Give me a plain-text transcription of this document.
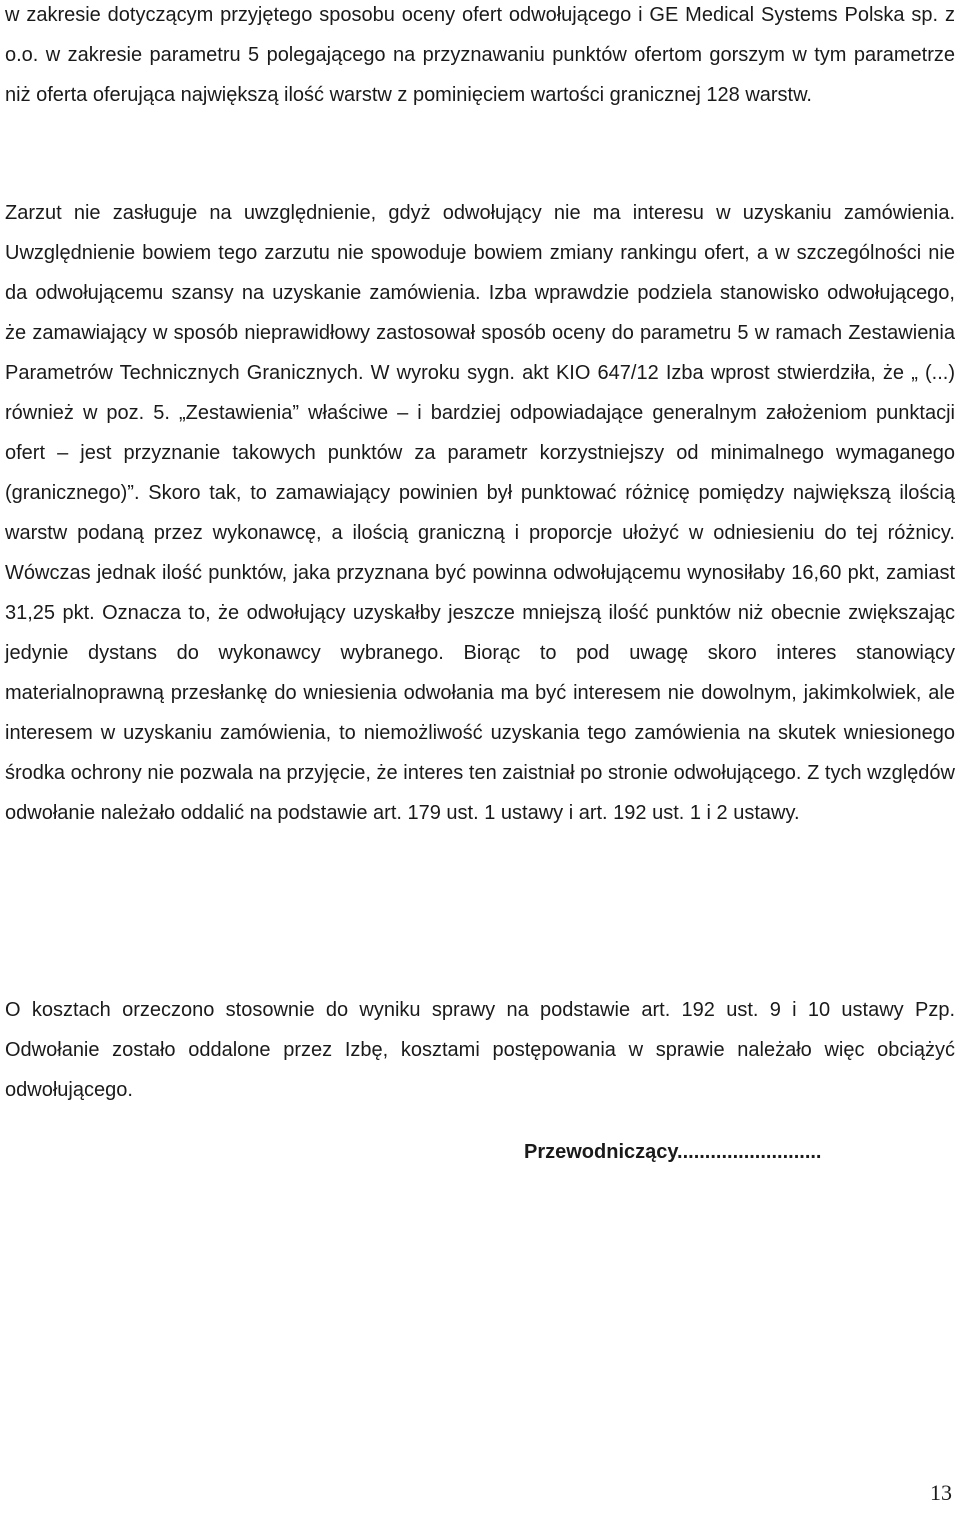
w zakresie dotyczącym przyjętego sposobu oceny ofert odwołującego i GE Medical Systems Polska sp. z o.o. w zakresie parametru 5 polegającego na przyznawaniu punktów ofertom gorszym w tym parametrze niż oferta oferująca największą ilość warstw z pominięciem wartości granicznej 128 warstw.

Zarzut nie zasługuje na uwzględnienie, gdyż odwołujący nie ma interesu w uzyskaniu zamówienia. Uwzględnienie bowiem tego zarzutu nie spowoduje bowiem zmiany rankingu ofert, a w szczególności nie da odwołującemu szansy na uzyskanie zamówienia. Izba wprawdzie podziela stanowisko odwołującego, że zamawiający w sposób nieprawidłowy zastosował sposób oceny do parametru 5 w ramach Zestawienia Parametrów Technicznych Granicznych. W wyroku sygn. akt KIO 647/12 Izba wprost stwierdziła, że „ (...) również w poz. 5. „Zestawienia” właściwe – i bardziej odpowiadające generalnym założeniom punktacji ofert – jest przyznanie takowych punktów za parametr korzystniejszy od minimalnego wymaganego (granicznego)”. Skoro tak, to zamawiający powinien był punktować różnicę pomiędzy największą ilością warstw podaną przez wykonawcę, a ilością graniczną i proporcje ułożyć w odniesieniu do tej różnicy. Wówczas jednak ilość punktów, jaka przyznana być powinna odwołującemu wynosiłaby 16,60 pkt, zamiast 31,25 pkt. Oznacza to, że odwołujący uzyskałby jeszcze mniejszą ilość punktów niż obecnie zwiększając jedynie dystans do wykonawcy wybranego. Biorąc to pod uwagę skoro interes stanowiący materialnoprawną przesłankę do wniesienia odwołania ma być interesem nie dowolnym, jakimkolwiek, ale interesem w uzyskaniu zamówienia, to niemożliwość uzyskania tego zamówienia na skutek wniesionego środka ochrony nie pozwala na przyjęcie, że interes ten zaistniał po stronie odwołującego. Z tych względów odwołanie należało oddalić na podstawie art. 179 ust. 1 ustawy i art. 192 ust. 1 i 2 ustawy.

O kosztach orzeczono stosownie do wyniku sprawy na podstawie art. 192 ust. 9 i 10 ustawy Pzp. Odwołanie zostało oddalone przez Izbę, kosztami postępowania w sprawie należało więc obciążyć odwołującego.

Przewodniczący..........................

13
